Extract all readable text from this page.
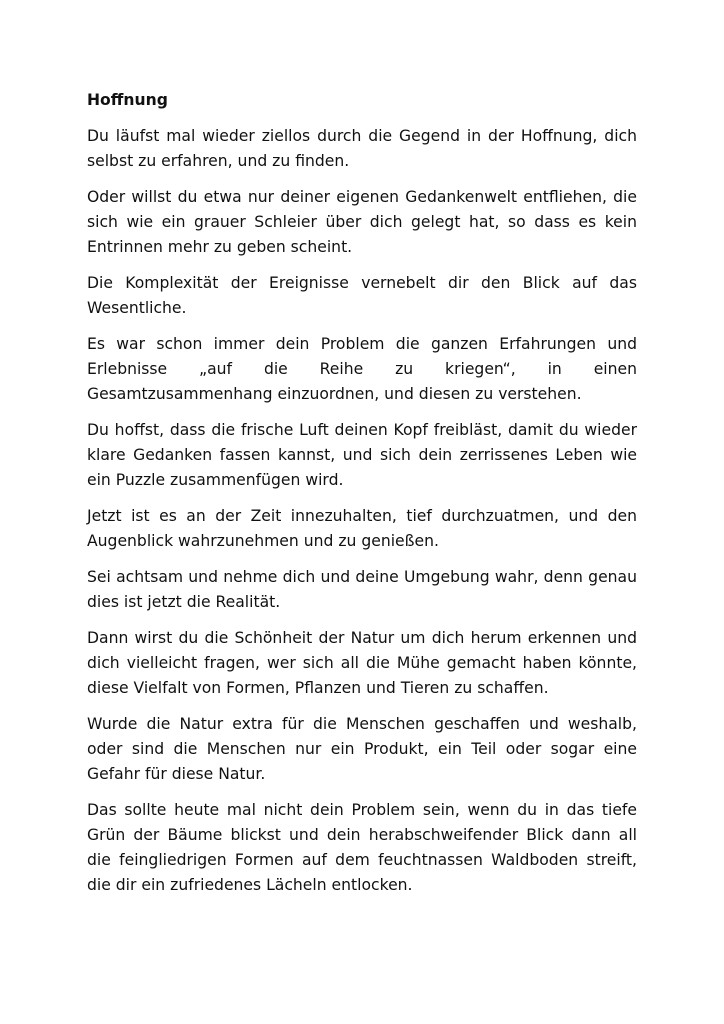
Hoffnung

Du läufst mal wieder ziellos durch die Gegend in der Hoffnung, dich selbst zu erfahren, und zu finden.

Oder willst du etwa nur deiner eigenen Gedankenwelt entfliehen, die sich wie ein grauer Schleier über dich gelegt hat, so dass es kein Entrinnen mehr zu geben scheint.

Die Komplexität der Ereignisse vernebelt dir den Blick auf das Wesentliche.

Es war schon immer dein Problem die ganzen Erfahrungen und Erlebnisse „auf die Reihe zu kriegen“, in einen Gesamtzusammenhang einzuordnen, und diesen zu verstehen.

Du hoffst, dass die frische Luft deinen Kopf freibläst, damit du wieder klare Gedanken fassen kannst, und sich dein zerrissenes Leben wie ein Puzzle zusammenfügen wird.

Jetzt ist es an der Zeit innezuhalten, tief durchzuatmen, und den Augenblick wahrzunehmen und zu genießen.

Sei achtsam und nehme dich und deine Umgebung wahr, denn genau dies ist jetzt die Realität.

Dann wirst du die Schönheit der Natur um dich herum erkennen und dich vielleicht fragen, wer sich all die Mühe gemacht haben könnte, diese Vielfalt von Formen, Pflanzen und Tieren zu schaffen.

Wurde die Natur extra für die Menschen geschaffen und weshalb, oder sind die Menschen nur ein Produkt, ein Teil oder sogar eine Gefahr für diese Natur.

Das sollte heute mal nicht dein Problem sein, wenn du in das tiefe Grün der Bäume blickst und dein herabschweifender Blick dann all die feingliedrigen Formen auf dem feuchtnassen Waldboden streift, die dir ein zufriedenes Lächeln entlocken.
